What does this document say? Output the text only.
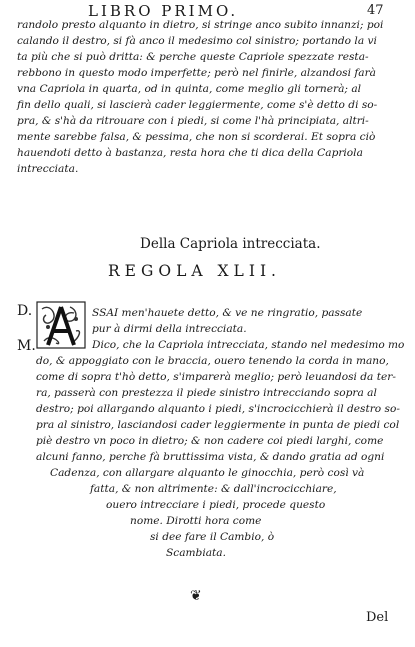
LIBRO PRIMO.	47
randolo presto alquanto in dietro, si stringe anco subito innanzi; poi
calando il destro, si fà anco il medesimo col sinistro; portando la vi
ta più che si può dritta: & perche queste Capriole spezzate resta-
rebbono in questo modo imperfette; però nel finirle, alzandosi farà
vna Capriola in quarta, od in quinta, come meglio gli tornerà; al
fin dello quali, si lascierà cader leggiermente, come s'è detto di so-
pra, & s'hà da ritrouare con i piedi, si come l'hà principiata, altri-
mente sarebbe falsa, & pessima, che non si scorderai. Et sopra ciò
hauendoti detto à bastanza, resta hora che ti dica della Capriola
intrecciata.
Della Capriola intrecciata.
REGOLA XLII.
D.
M.
SSAI men'hauete detto, & ve ne ringratio, passate
pur à dirmi della intrecciata.
Dico, che la Capriola intrecciata, stando nel medesimo mo
do, & appoggiato con le braccia, ouero tenendo la corda in mano,
come di sopra t'hò detto, s'imparerà meglio; però leuandosi da ter-
ra, passerà con prestezza il piede sinistro intrecciando sopra al
destro; poi allargando alquanto i piedi, s'incrocicchierà il destro so-
pra al sinistro, lasciandosi cader leggiermente in punta de piedi col
piè destro vn poco in dietro; & non cadere coi piedi larghi, come
alcuni fanno, perche fà bruttissima vista, & dando gratia ad ogni
Cadenza, con allargare alquanto le ginocchia, però così và
fatta, & non altrimente: & dall'incrocicchiare,
ouero intrecciare i piedi, procede questo
nome. Dirotti hora come
si dee fare il Cambio, ò
Scambiata.
❦
Del
